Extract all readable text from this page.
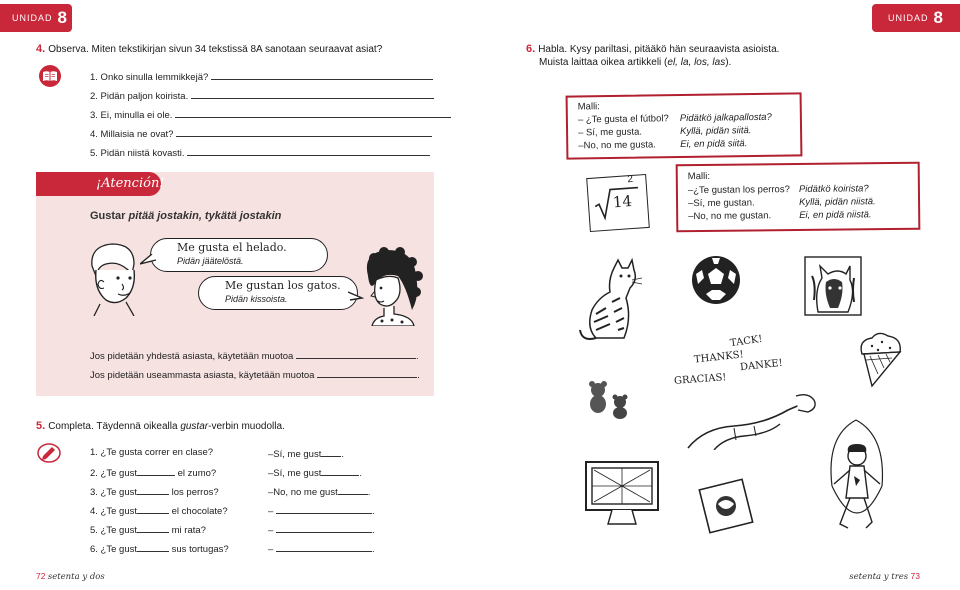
UNIDAD 8
4. Observa. Miten tekstikirjan sivun 34 tekstissä 8A sanotaan seuraavat asiat?
1. Onko sinulla lemmikkejä?
2. Pidän paljon koirista.
3. Ei, minulla ei ole.
4. Millaisia ne ovat?
5. Pidän niistä kovasti.
¡Atención!
Gustar pitää jostakin, tykätä jostakin
Me gusta el helado.
Pidän jäätelöstä.
Me gustan los gatos.
Pidän kissoista.
Jos pidetään yhdestä asiasta, käytetään muotoa	.
Jos pidetään useammasta asiasta, käytetään muotoa	.
5. Completa. Täydennä oikealla gustar-verbin muodolla.
1. ¿Te gusta correr en clase?	–Sí, me gust .
2. ¿Te gust	el zumo?	–Sí, me gust	.
3. ¿Te gust	los perros?	–No, no me gust	.
4. ¿Te gust	el chocolate?	–	.
5. ¿Te gust	mi rata?	–	.
6. ¿Te gust	sus tortugas?	–	.
72 setenta y dos
UNIDAD 8
6. Habla. Kysy pariltasi, pitääkö hän seuraavista asioista.
Muista laittaa oikea artikkeli (el, la, los, las).
Malli:
– ¿Te gusta el fútbol? Pidätkö jalkapallosta?
– Sí, me gusta.	Kyllä, pidän siitä.
–No, no me gusta.	Ei, en pidä siitä.
Malli:
–¿Te gustan los perros? Pidätkö koirista?
–Sí, me gustan.	Kyllä, pidän niistä.
–No, no me gustan.	Ei, en pidä niistä.
14
2
TACK!
THANKS!
DANKE!
GRACIAS!
setenta y tres 73
